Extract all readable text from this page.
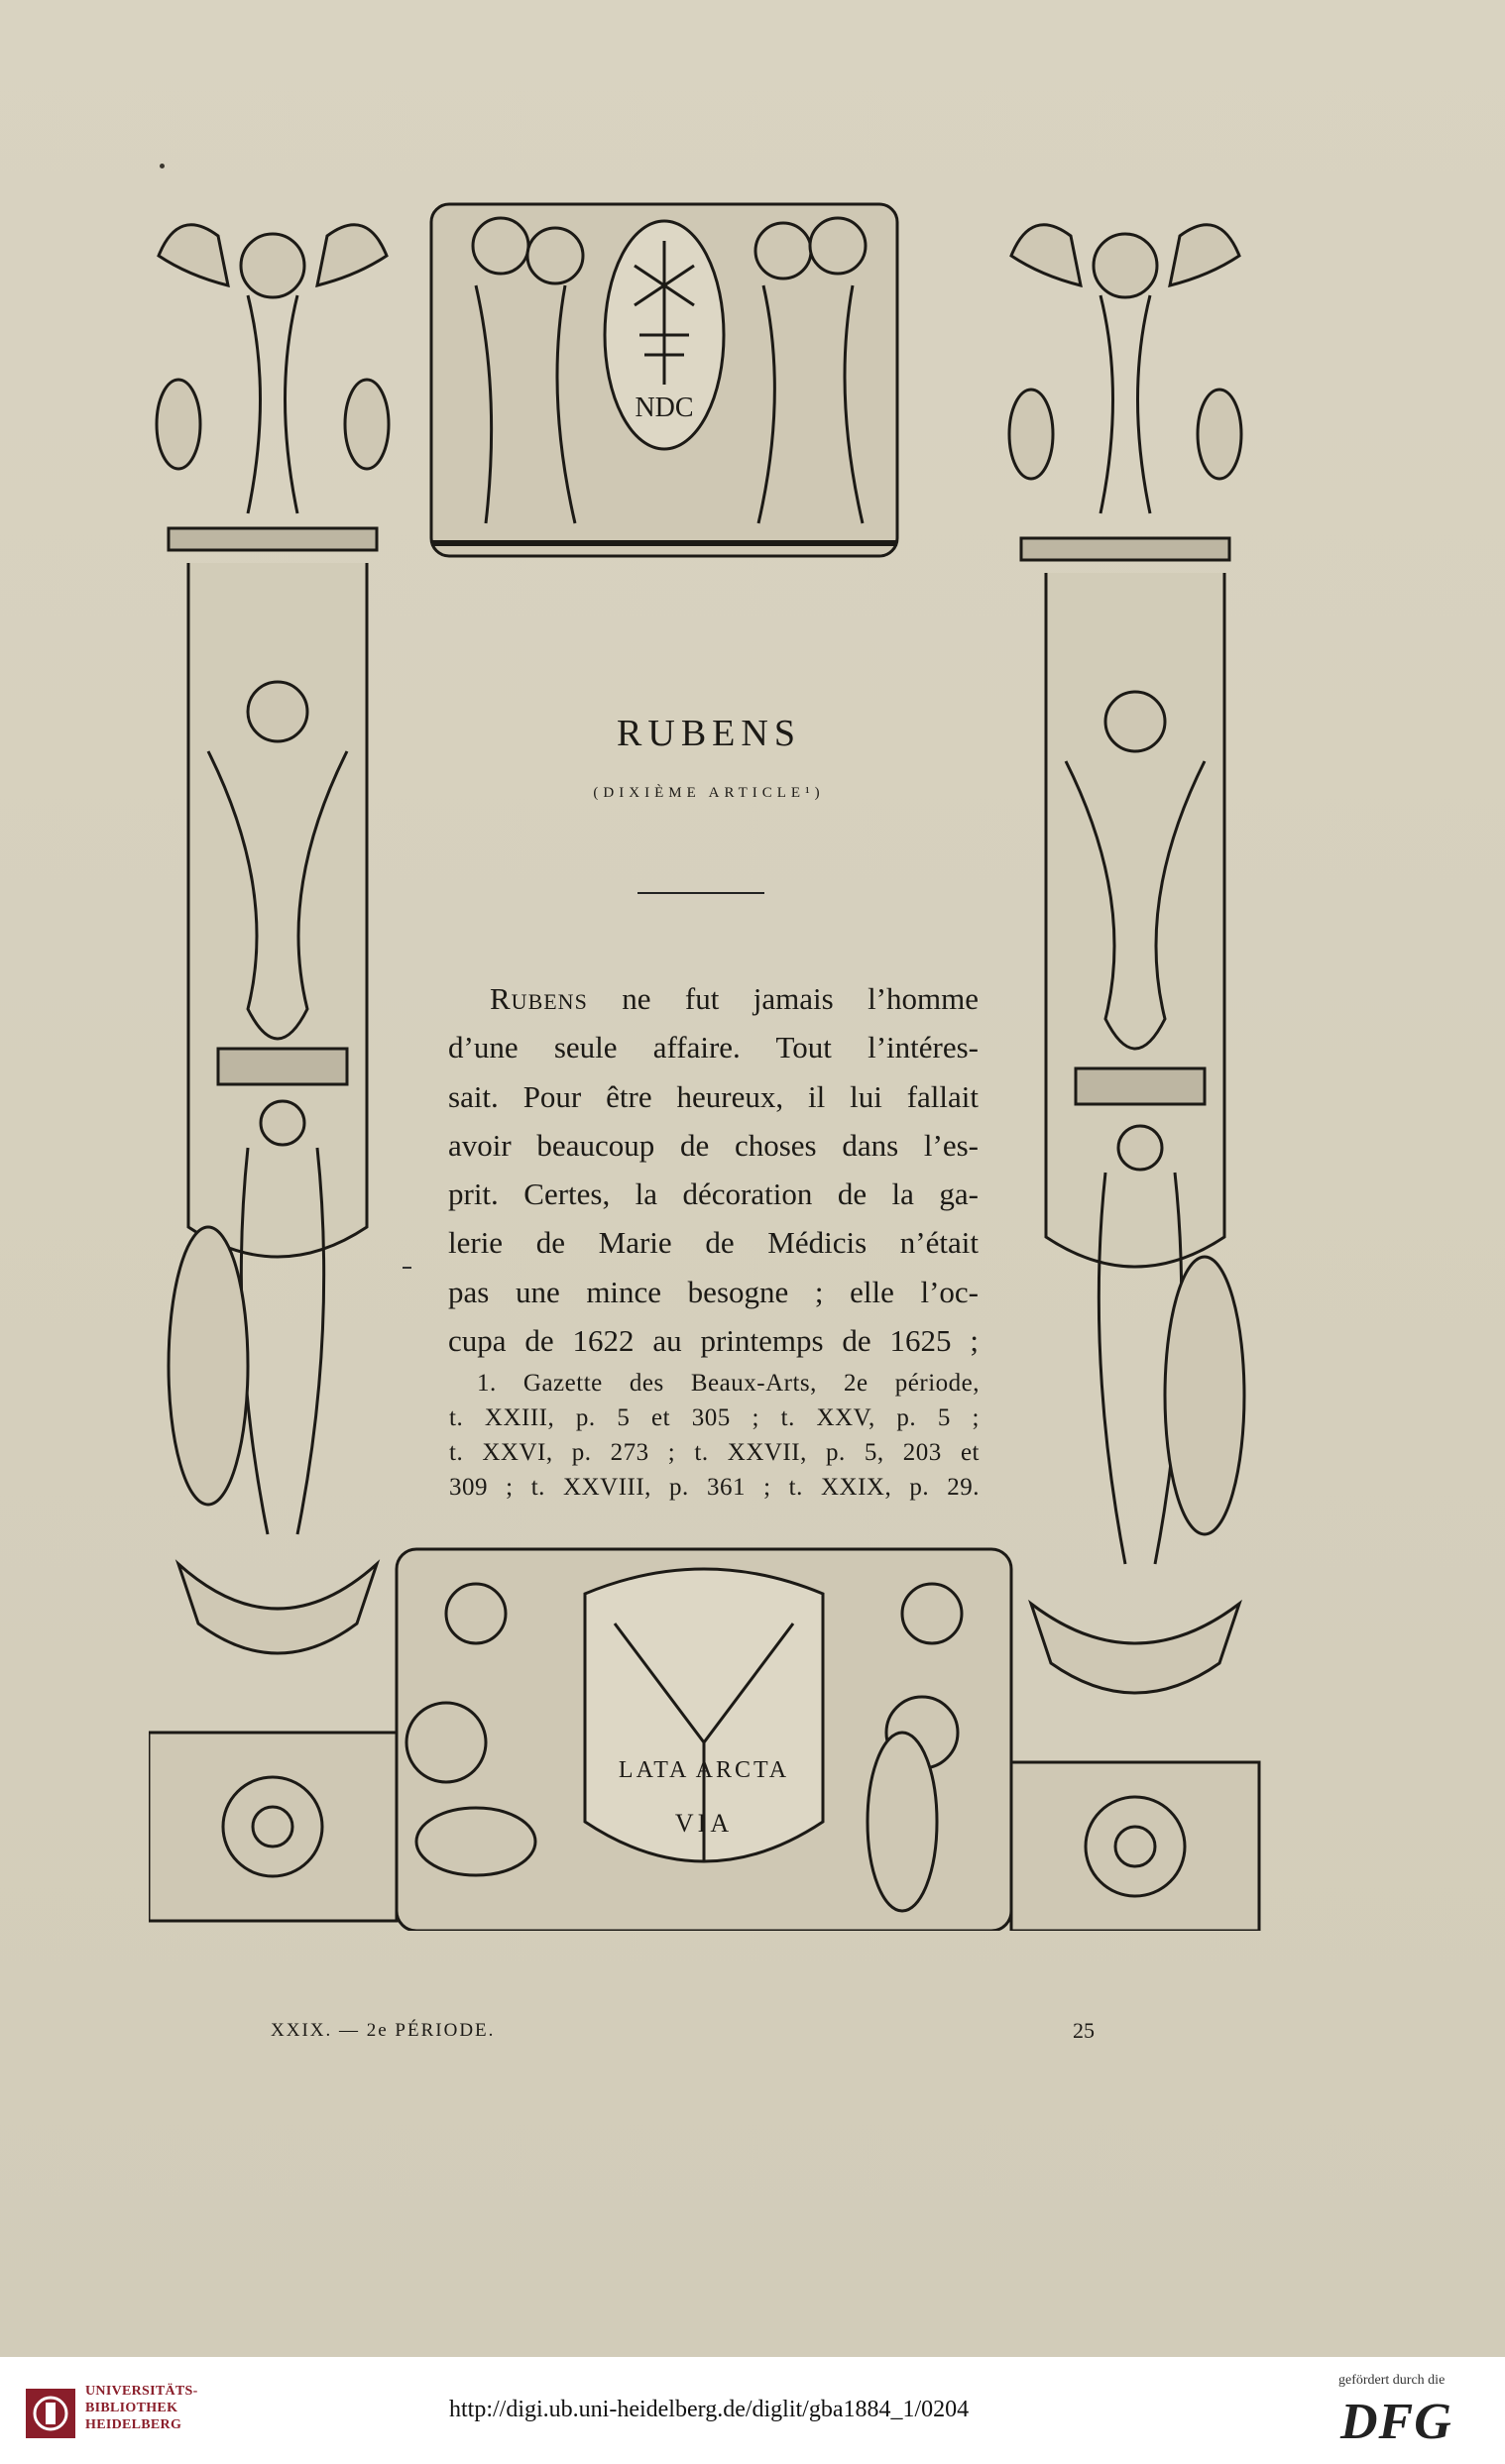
NDC
LATA ARCTA
VIA
RUBENS
(DIXIÈME ARTICLE¹)
Rubens ne fut jamais l’homme
d’une seule affaire. Tout l’intéres-
sait. Pour être heureux, il lui fallait
avoir beaucoup de choses dans l’es-
prit. Certes, la décoration de la ga-
lerie de Marie de Médicis n’était
pas une mince besogne ; elle l’oc-
cupa de 1622 au printemps de 1625 ;
1. Gazette des Beaux-Arts, 2e période,
t. XXIII, p. 5 et 305 ; t. XXV, p. 5 ;
t. XXVI, p. 273 ; t. XXVII, p. 5, 203 et
309 ; t. XXVIII, p. 361 ; t. XXIX, p. 29.
XXIX. — 2e PÉRIODE.	25
UNIVERSITÄTS-
BIBLIOTHEK
HEIDELBERG
http://digi.ub.uni-heidelberg.de/diglit/gba1884_1/0204
gefördert durch die
DFG
